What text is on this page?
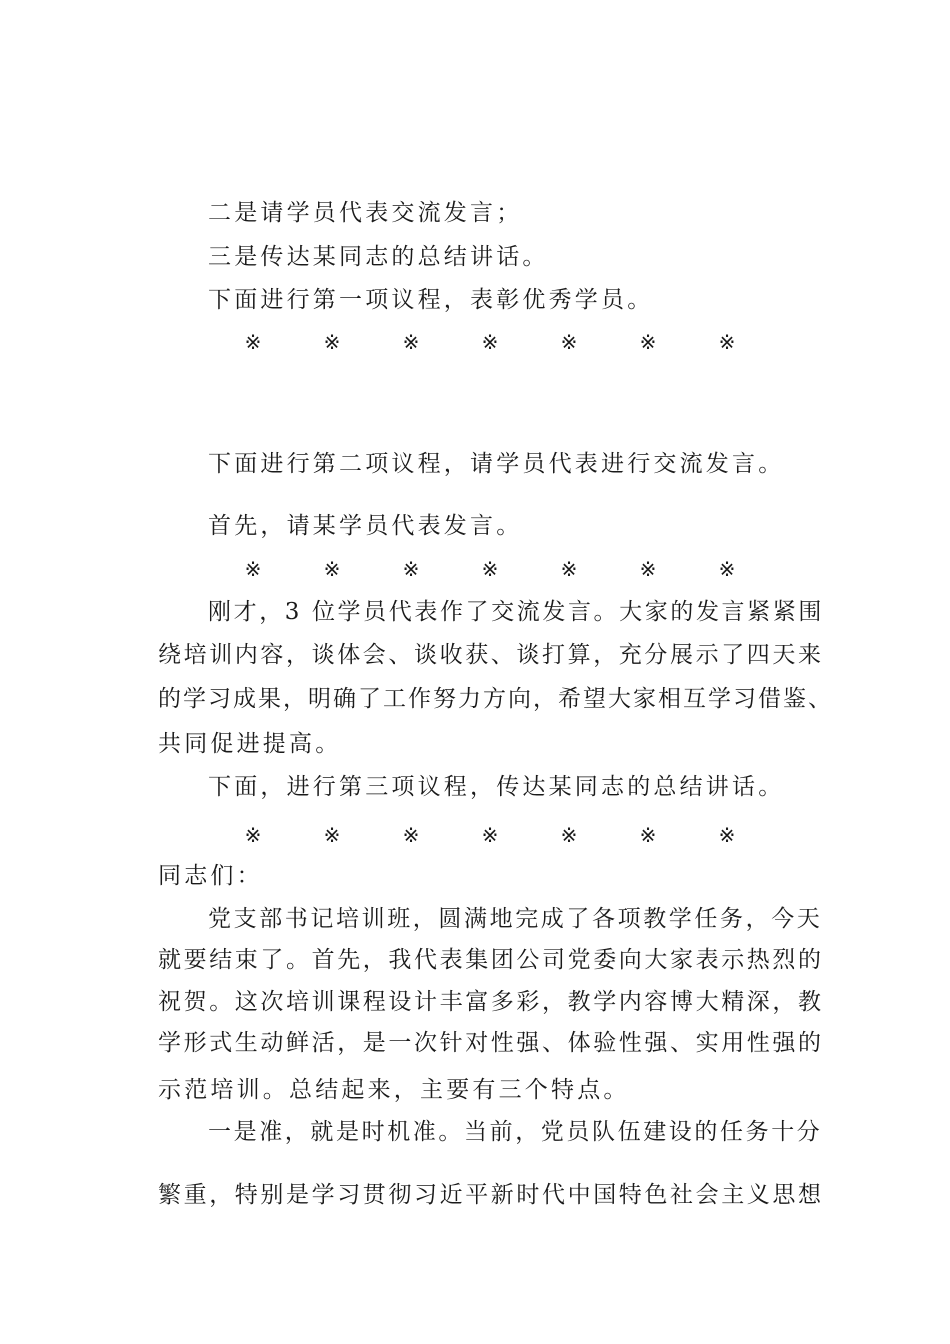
二是请学员代表交流发言；
三是传达某同志的总结讲话。
下面进行第一项议程，表彰优秀学员。
※	※	※	※	※	※	※
下面进行第二项议程，请学员代表进行交流发言。
首先，请某学员代表发言。
※	※	※	※	※	※	※
刚才，3 位学员代表作了交流发言。大家的发言紧紧围
绕培训内容，谈体会、谈收获、谈打算，充分展示了四天来
的学习成果，明确了工作努力方向，希望大家相互学习借鉴、
共同促进提高。
下面，进行第三项议程，传达某同志的总结讲话。
※	※	※	※	※	※	※
同志们：
党支部书记培训班，圆满地完成了各项教学任务，今天
就要结束了。首先，我代表集团公司党委向大家表示热烈的
祝贺。这次培训课程设计丰富多彩，教学内容博大精深，教
学形式生动鲜活，是一次针对性强、体验性强、实用性强的
示范培训。总结起来，主要有三个特点。
一是准，就是时机准。当前，党员队伍建设的任务十分
繁重，特别是学习贯彻习近平新时代中国特色社会主义思想
